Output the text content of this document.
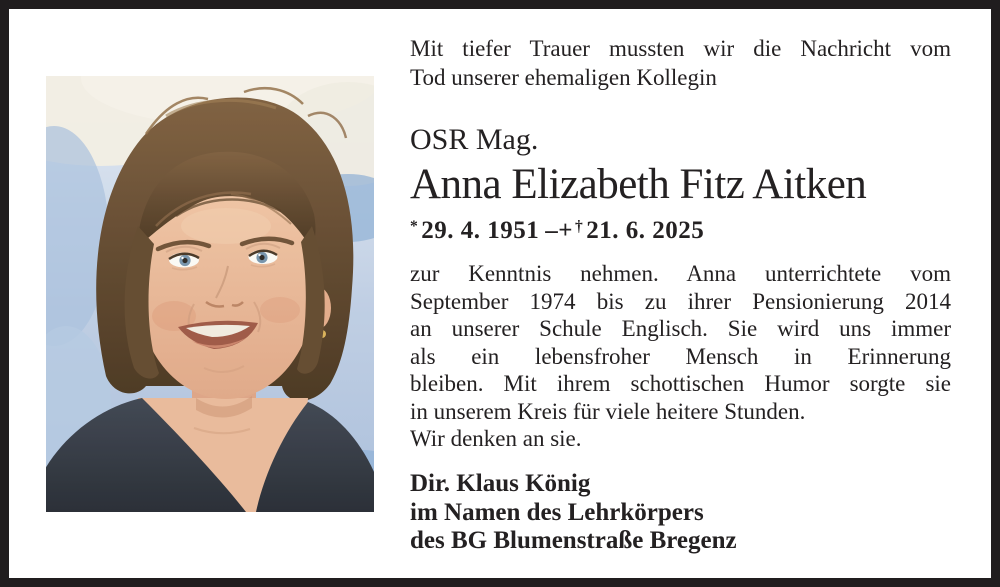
Mit tiefer Trauer mussten wir die Nachricht vom
Tod unserer ehemaligen Kollegin
OSR Mag.
Anna Elizabeth Fitz Aitken
* 29. 4. 1951 –+ † 21. 6. 2025
zur Kenntnis nehmen. Anna unterrichtete vom
September 1974 bis zu ihrer Pensionierung 2014
an unserer Schule Englisch. Sie wird uns immer
als ein lebensfroher Mensch in Erinnerung
bleiben. Mit ihrem schottischen Humor sorgte sie
in unserem Kreis für viele heitere Stunden.
Wir denken an sie.
Dir. Klaus König
im Namen des Lehrkörpers
des BG Blumenstraße Bregenz
